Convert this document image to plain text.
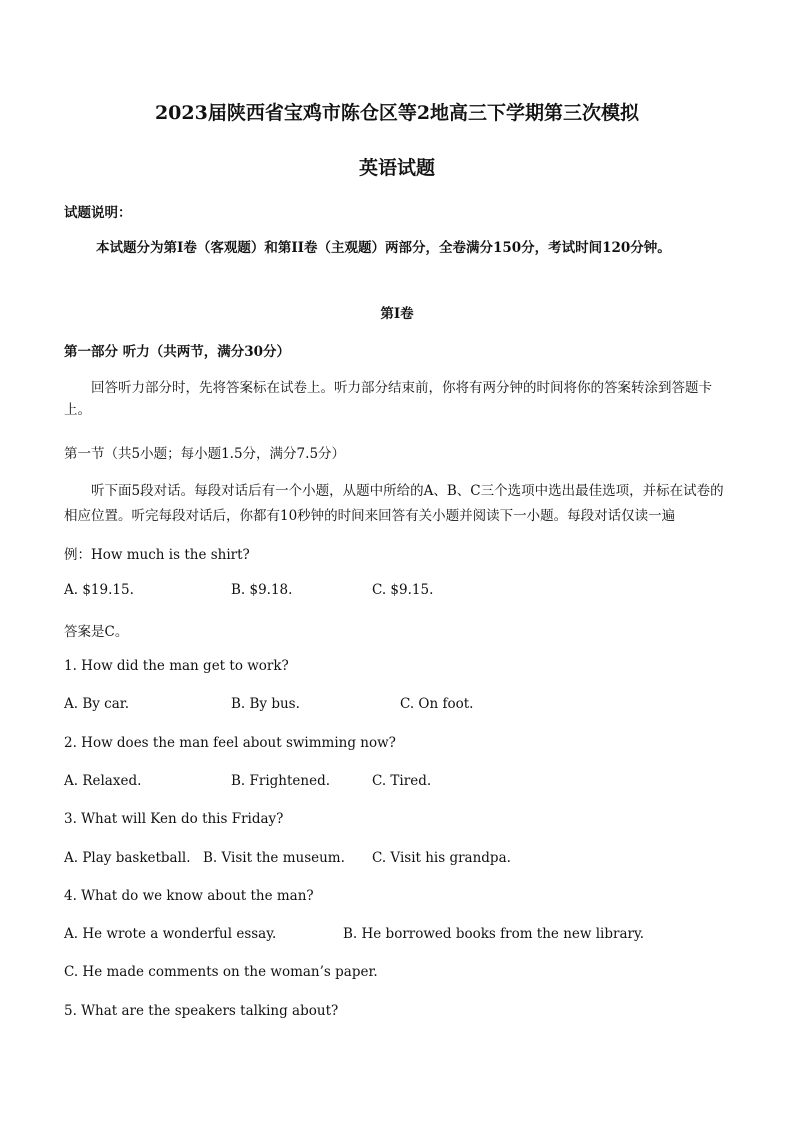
2023届陕西省宝鸡市陈仓区等2地高三下学期第三次模拟
英语试题
试题说明：
本试题分为第I卷（客观题）和第II卷（主观题）两部分，全卷满分150分，考试时间120分钟。
第I卷
第一部分 听力（共两节，满分30分）
回答听力部分时，先将答案标在试卷上。听力部分结束前，你将有两分钟的时间将你的答案转涂到答题卡上。
第一节（共5小题；每小题1.5分，满分7.5分）
听下面5段对话。每段对话后有一个小题，从题中所给的A、B、C三个选项中选出最佳选项，并标在试卷的相应位置。听完每段对话后，你都有10秒钟的时间来回答有关小题并阅读下一小题。每段对话仅读一遍
例：How much is the shirt?
A. $19.15.	B. $9.18.	C. $9.15.
答案是C。
1. How did the man get to work?
A. By car.	B. By bus.	C. On foot.
2. How does the man feel about swimming now?
A. Relaxed.	B. Frightened.	C. Tired.
3. What will Ken do this Friday?
A. Play basketball. B. Visit the museum. C. Visit his grandpa.
4. What do we know about the man?
A. He wrote a wonderful essay.	B. He borrowed books from the new library.
C. He made comments on the woman’s paper.
5. What are the speakers talking about?
